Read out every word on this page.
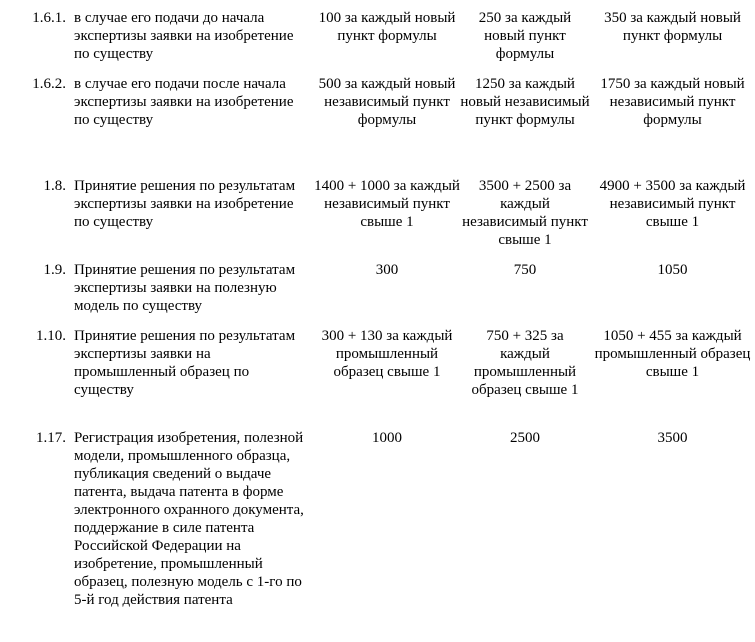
1.6.1.	в случае его подачи до начала экспертизы заявки на изобретение по существу	100 за каждый новый пункт формулы	250 за каждый новый пункт формулы	350 за каждый новый пункт формулы
1.6.2.	в случае его подачи после начала экспертизы заявки на изобретение по существу	500 за каждый новый независимый пункт формулы	1250 за каждый новый независимый пункт формулы	1750 за каждый новый независимый пункт формулы
1.8.	Принятие решения по результатам экспертизы заявки на изобретение по существу	1400 + 1000 за каждый независимый пункт свыше 1	3500 + 2500 за каждый независимый пункт свыше 1	4900 + 3500 за каждый независимый пункт свыше 1
1.9.	Принятие решения по результатам экспертизы заявки на полезную модель по существу	300	750	1050
1.10.	Принятие решения по результатам экспертизы заявки на промышленный образец по существу	300 + 130 за каждый промышленный образец свыше 1	750 + 325 за каждый промышленный образец свыше 1	1050 + 455 за каждый промышленный образец свыше 1
1.17.	Регистрация изобретения, полезной модели, промышленного образца, публикация сведений о выдаче патента, выдача патента в форме электронного охранного документа, поддержание в силе патента Российской Федерации на изобретение, промышленный образец, полезную модель с 1-го по 5-й год действия патента	1000	2500	3500
